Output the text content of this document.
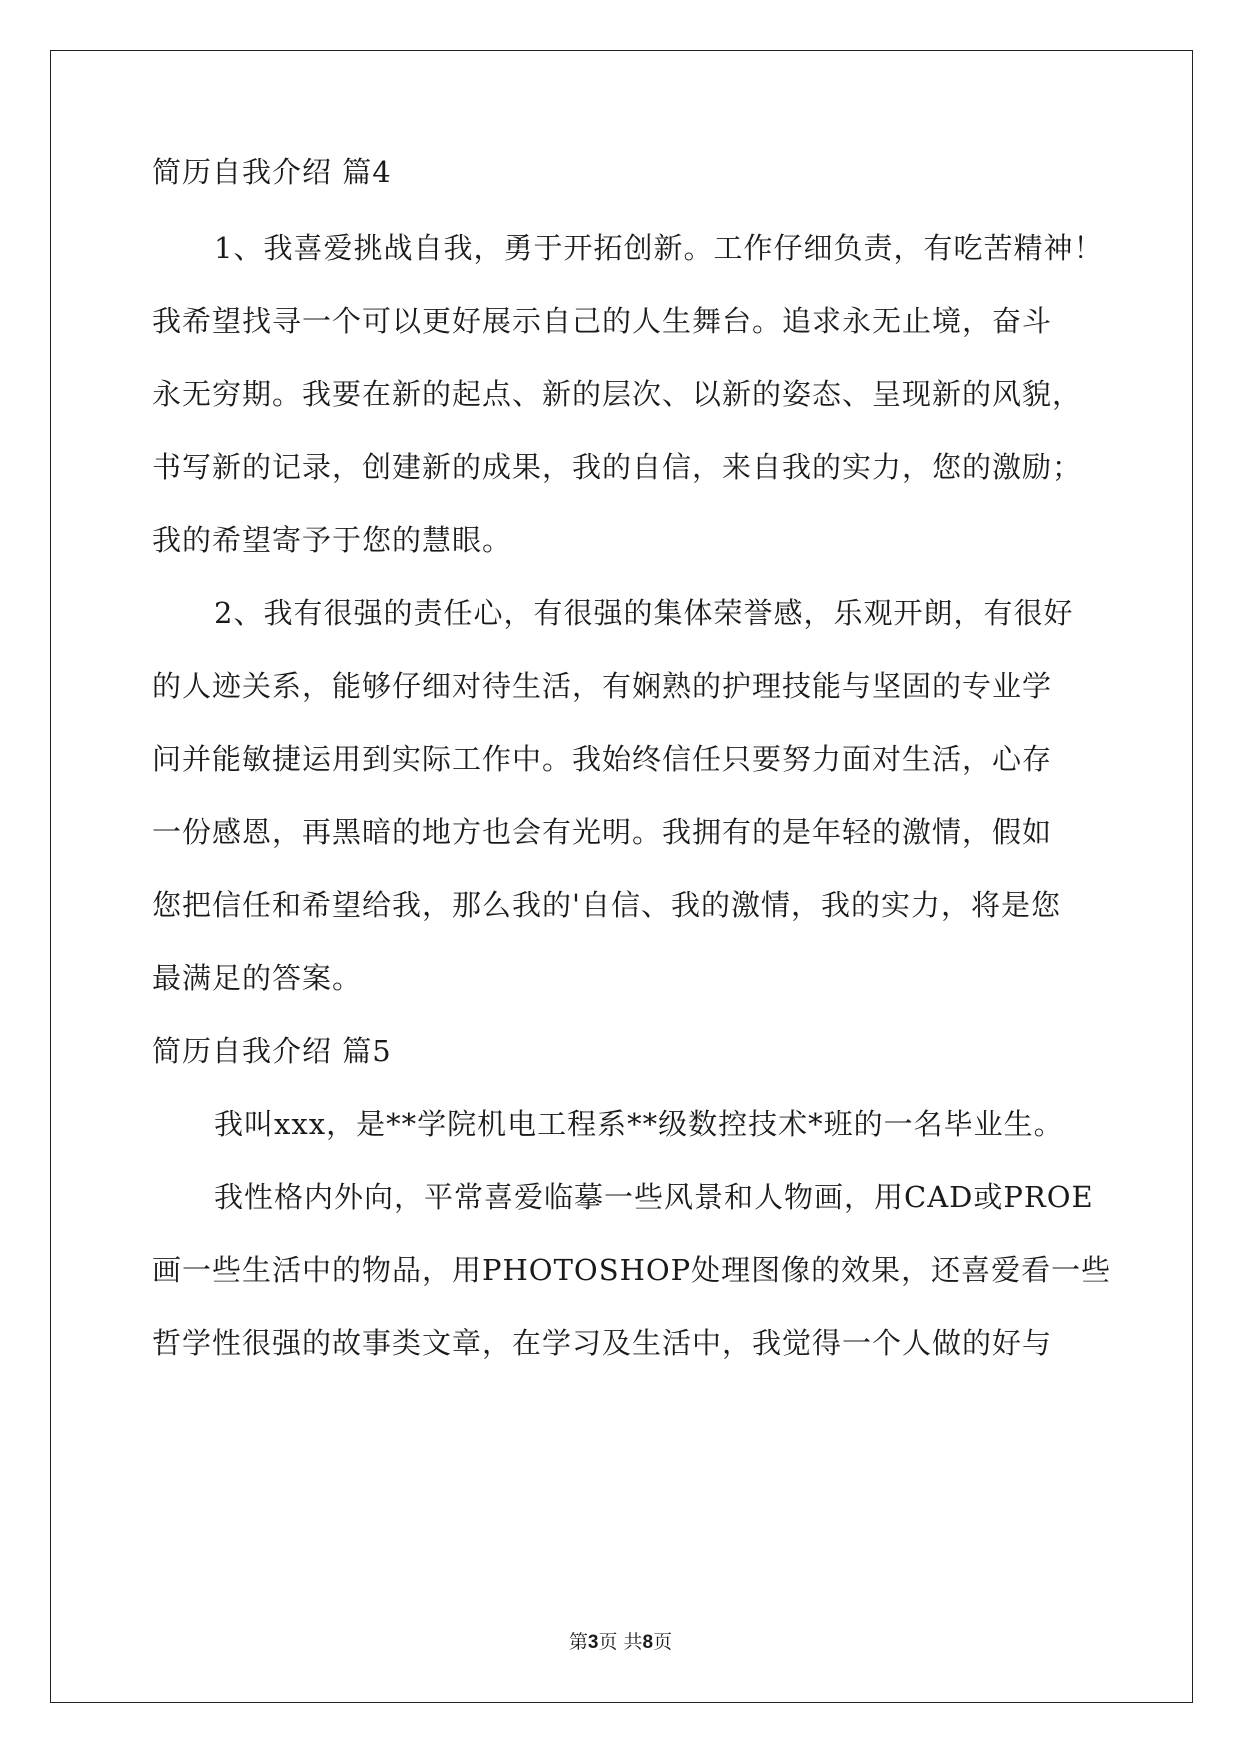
简历自我介绍 篇4
1、我喜爱挑战自我，勇于开拓创新。工作仔细负责，有吃苦精神！
我希望找寻一个可以更好展示自己的人生舞台。追求永无止境，奋斗
永无穷期。我要在新的起点、新的层次、以新的姿态、呈现新的风貌，
书写新的记录，创建新的成果，我的自信，来自我的实力，您的激励；
我的希望寄予于您的慧眼。
2、我有很强的责任心，有很强的集体荣誉感，乐观开朗，有很好
的人迹关系，能够仔细对待生活，有娴熟的护理技能与坚固的专业学
问并能敏捷运用到实际工作中。我始终信任只要努力面对生活，心存
一份感恩，再黑暗的地方也会有光明。我拥有的是年轻的激情，假如
您把信任和希望给我，那么我的'自信、我的激情，我的实力，将是您
最满足的答案。
简历自我介绍 篇5
我叫xxx，是**学院机电工程系**级数控技术*班的一名毕业生。
我性格内外向，平常喜爱临摹一些风景和人物画，用CAD或PROE
画一些生活中的物品，用PHOTOSHOP处理图像的效果，还喜爱看一些
哲学性很强的故事类文章，在学习及生活中，我觉得一个人做的好与
第3页 共8页
